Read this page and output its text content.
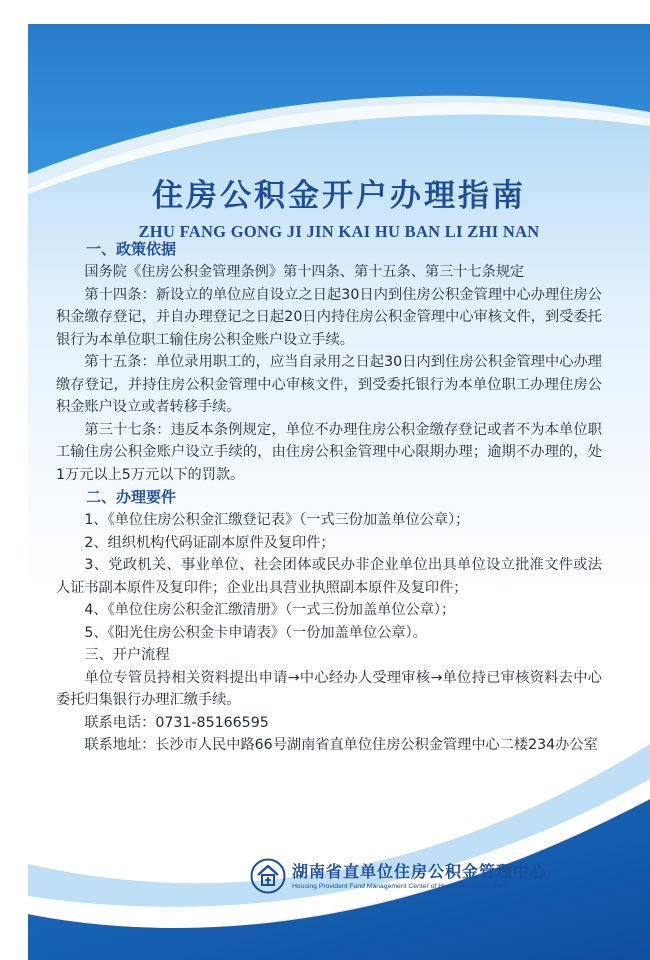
住房公积金开户办理指南
ZHU FANG GONG JI JIN KAI HU BAN LI ZHI NAN
一、政策依据

国务院《住房公积金管理条例》第十四条、第十五条、第三十七条规定

第十四条：新设立的单位应自设立之日起30日内到住房公积金管理中心办理住房公积金缴存登记，并自办理登记之日起20日内持住房公积金管理中心审核文件，到受委托银行为本单位职工输住房公积金账户设立手续。

第十五条：单位录用职工的，应当自录用之日起30日内到住房公积金管理中心办理缴存登记，并持住房公积金管理中心审核文件，到受委托银行为本单位职工办理住房公积金账户设立或者转移手续。

第三十七条：违反本条例规定，单位不办理住房公积金缴存登记或者不为本单位职工输住房公积金账户设立手续的，由住房公积金管理中心限期办理；逾期不办理的，处1万元以上5万元以下的罚款。

二、办理要件

1、《单位住房公积金汇缴登记表》（一式三份加盖单位公章）；

2、组织机构代码证副本原件及复印件；

3、党政机关、事业单位、社会团体或民办非企业单位出具单位设立批准文件或法人证书副本原件及复印件；企业出具营业执照副本原件及复印件；

4、《单位住房公积金汇缴清册》（一式三份加盖单位公章）；

5、《阳光住房公积金卡申请表》（一份加盖单位公章）。

三、开户流程

单位专管员持相关资料提出申请→中心经办人受理审核→单位持已审核资料去中心委托归集银行办理汇缴手续。

联系电话：0731-85166595

联系地址：长沙市人民中路66号湖南省直单位住房公积金管理中心二楼234办公室

湖南省直单位住房公积金管理中心
Housing Provident Fund Management Center of Hunan Provincial Units
